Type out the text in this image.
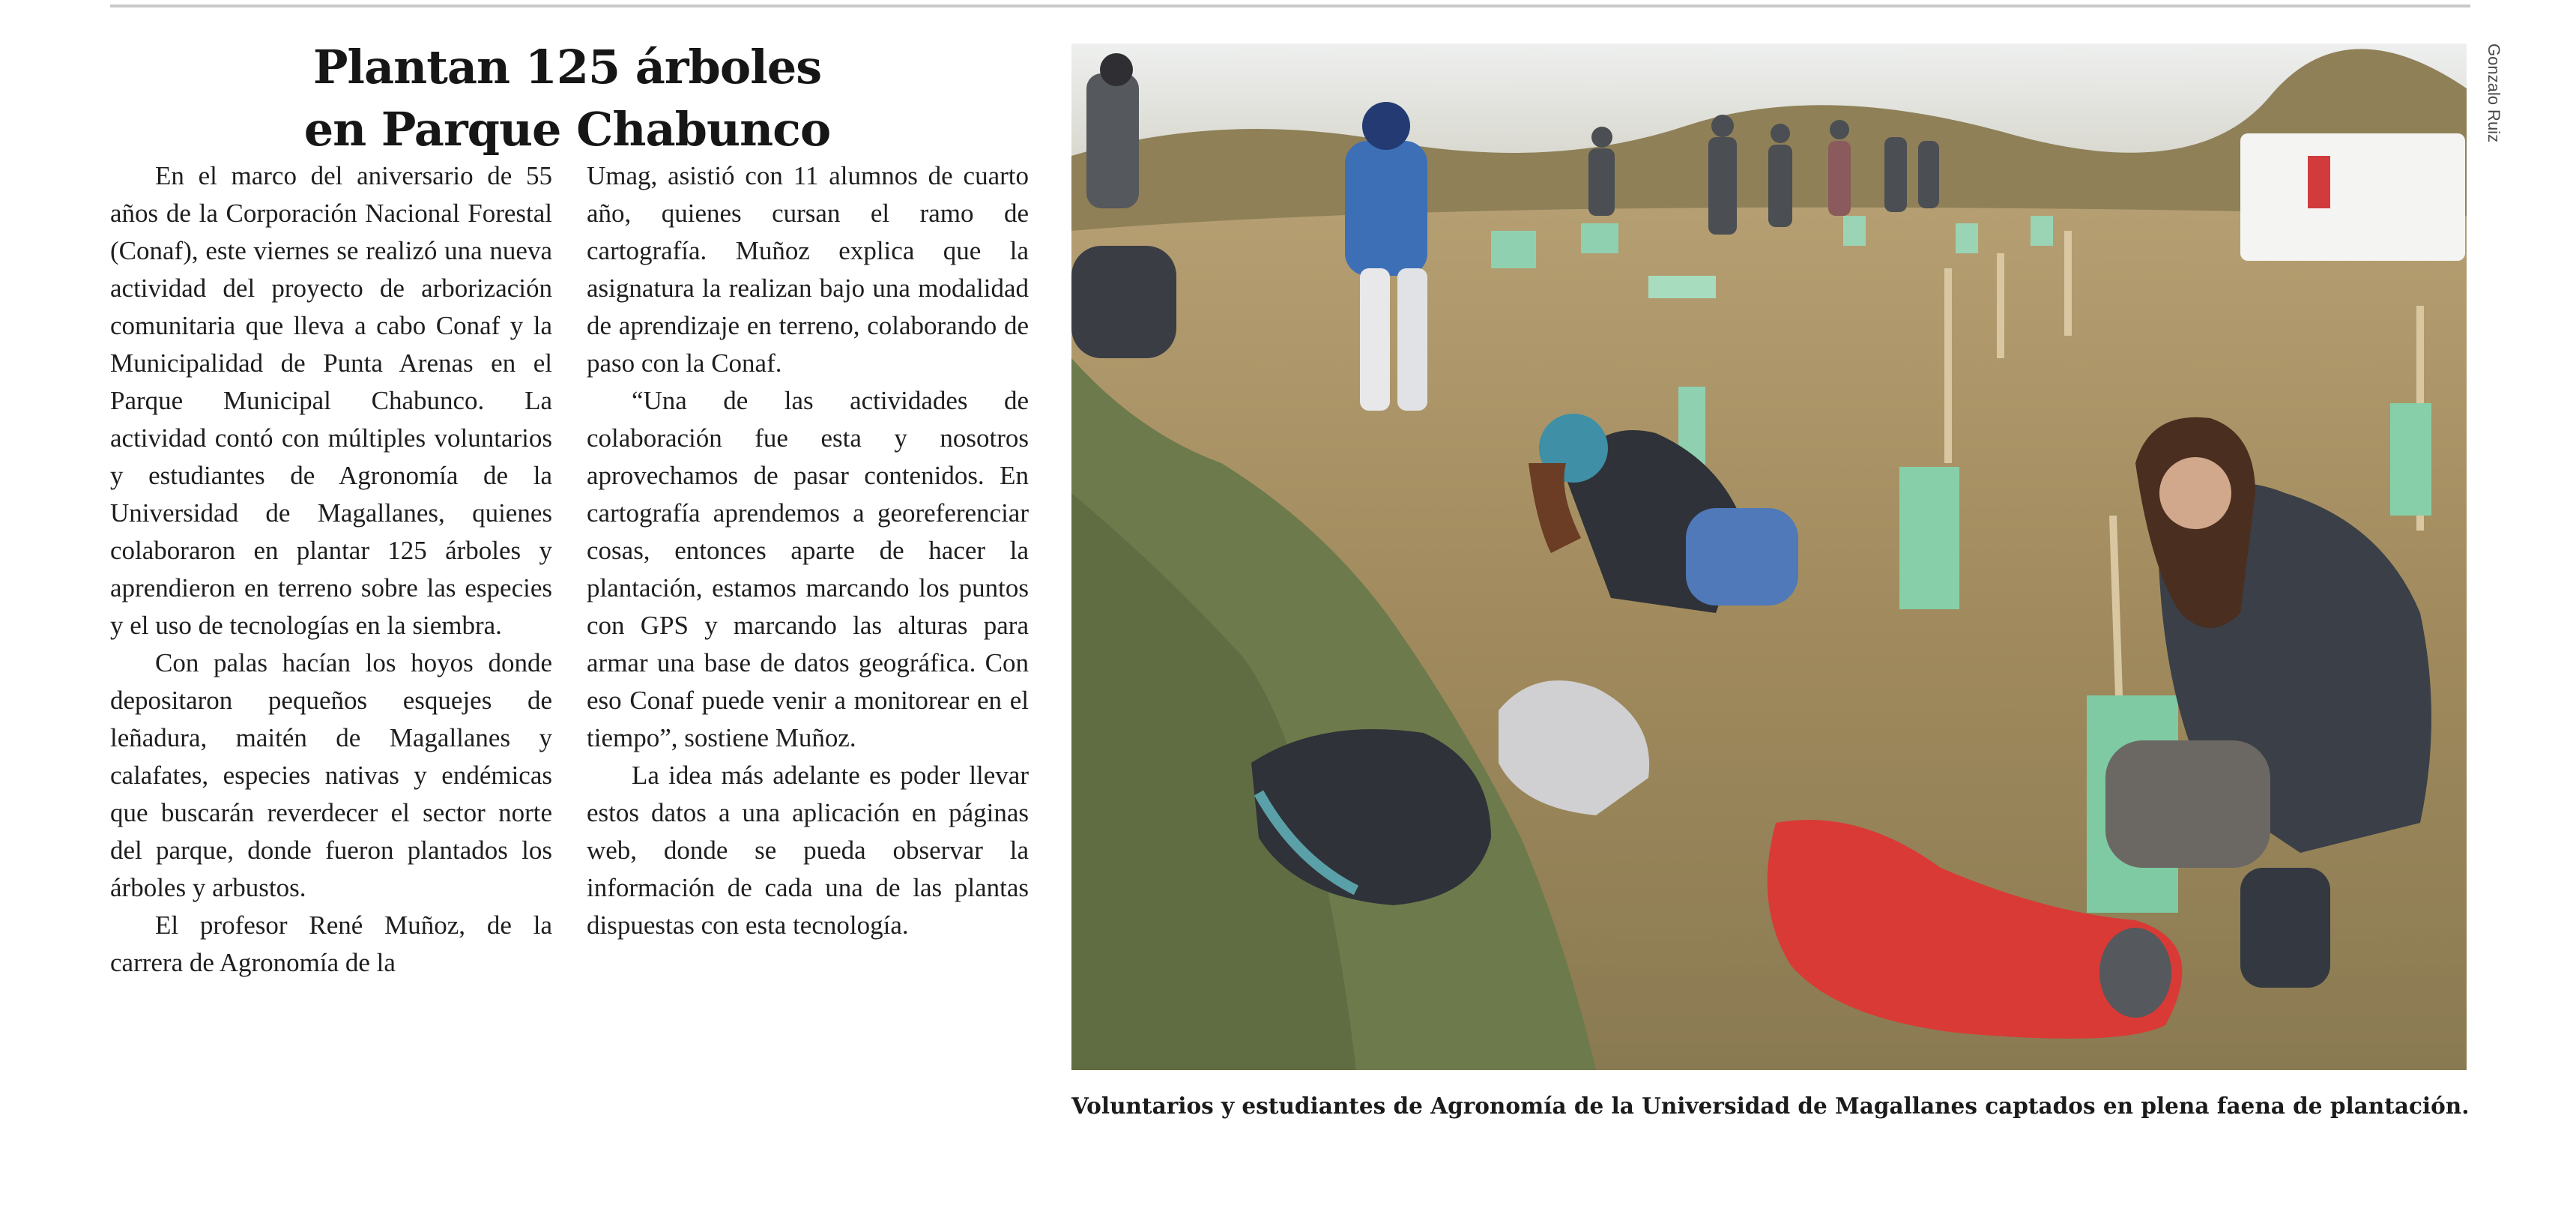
Plantan 125 árboles
en Parque Chabunco

En el marco del aniversario de 55 años de la Corporación Nacional Forestal (Conaf), este viernes se realizó una nueva actividad del proyecto de arborización comunitaria que lleva a cabo Conaf y la Municipalidad de Punta Arenas en el Parque Municipal Chabunco. La actividad contó con múltiples voluntarios y estudiantes de Agronomía de la Universidad de Magallanes, quienes colaboraron en plantar 125 árboles y aprendieron en terreno sobre las especies y el uso de tecnologías en la siembra.

Con palas hacían los hoyos donde depositaron pequeños esquejes de leñadura, maitén de Magallanes y calafates, especies nativas y endémicas que buscarán reverdecer el sector norte del parque, donde fueron plantados los árboles y arbustos.

El profesor René Muñoz, de la carrera de Agronomía de la

Umag, asistió con 11 alumnos de cuarto año, quienes cursan el ramo de cartografía. Muñoz explica que la asignatura la realizan bajo una modalidad de aprendizaje en terreno, colaborando de paso con la Conaf.

“Una de las actividades de colaboración fue esta y nosotros aprovechamos de pasar contenidos. En cartografía aprendemos a georeferenciar cosas, entonces aparte de hacer la plantación, estamos marcando los puntos con GPS y marcando las alturas para armar una base de datos geográfica. Con eso Conaf puede venir a monitorear en el tiempo”, sostiene Muñoz.

La idea más adelante es poder llevar estos datos a una aplicación en páginas web, donde se pueda observar la información de cada una de las plantas dispuestas con esta tecnología.

Gonzalo Ruiz

Voluntarios y estudiantes de Agronomía de la Universidad de Magallanes captados en plena faena de plantación.
